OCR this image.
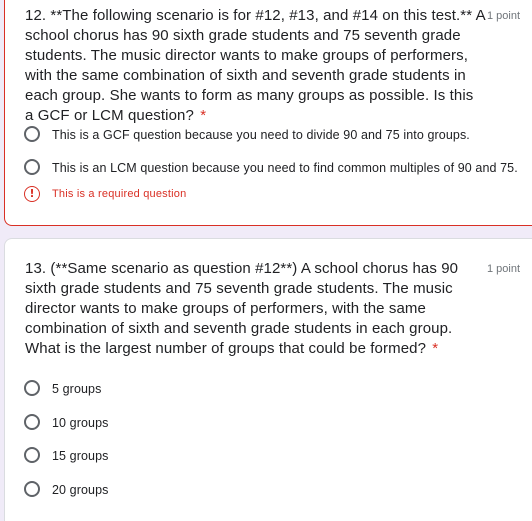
12. **The following scenario is for #12, #13, and #14 on this test.** A school chorus has 90 sixth grade students and 75 seventh grade students. The music director wants to make groups of performers, with the same combination of sixth and seventh grade students in each group. She wants to form as many groups as possible. Is this a GCF or LCM question? *
1 point
This is a GCF question because you need to divide 90 and 75 into groups.
This is an LCM question because you need to find common multiples of 90 and 75.
!	This is a required question
13. (**Same scenario as question #12**) A school chorus has 90 sixth grade students and 75 seventh grade students. The music director wants to make groups of performers, with the same combination of sixth and seventh grade students in each group. What is the largest number of groups that could be formed? *
1 point
5 groups
10 groups
15 groups
20 groups
